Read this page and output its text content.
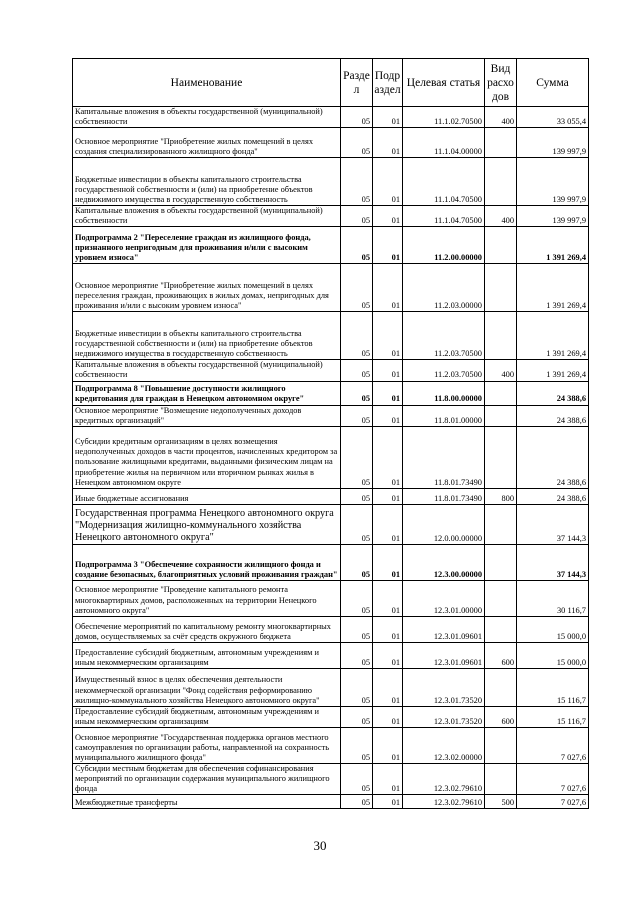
Наименование	Разде л	Подр аздел	Целевая статья	Вид расхо дов	Сумма
Капитальные вложения в объекты государственной (муниципальной) собственности	05	01	11.1.02.70500	400	33 055,4
Основное мероприятие "Приобретение жилых помещений в целях создания специализированного жилищного фонда"	05	01	11.1.04.00000		139 997,9
Бюджетные инвестиции в объекты капитального строительства государственной собственности и (или) на приобретение объектов недвижимого имущества в государственную собственность	05	01	11.1.04.70500		139 997,9
Капитальные вложения в объекты государственной (муниципальной) собственности	05	01	11.1.04.70500	400	139 997,9
Подпрограмма 2 "Переселение граждан из жилищного фонда, признанного непригодным для проживания и/или с высоким уровнем износа"	05	01	11.2.00.00000		1 391 269,4
Основное мероприятие "Приобретение жилых помещений в целях переселения граждан, проживающих в жилых домах, непригодных для проживания и/или с высоким уровнем износа"	05	01	11.2.03.00000		1 391 269,4
Бюджетные инвестиции в объекты капитального строительства государственной собственности и (или) на приобретение объектов недвижимого имущества в государственную собственность	05	01	11.2.03.70500		1 391 269,4
Капитальные вложения в объекты государственной (муниципальной) собственности	05	01	11.2.03.70500	400	1 391 269,4
Подпрограмма 8 "Повышение доступности жилищного кредитования для граждан в Ненецком автономном округе"	05	01	11.8.00.00000		24 388,6
Основное мероприятие "Возмещение недополученных доходов кредитных организаций"	05	01	11.8.01.00000		24 388,6
Субсидии кредитным организациям в целях возмещения недополученных доходов в части процентов, начисленных кредитором за пользование жилищными кредитами, выданными физическим лицам на приобретение жилья на первичном или вторичном рынках жилья в Ненецком автономном округе	05	01	11.8.01.73490		24 388,6
Иные бюджетные ассигнования	05	01	11.8.01.73490	800	24 388,6
Государственная программа Ненецкого автономного округа "Модернизация жилищно-коммунального хозяйства Ненецкого автономного округа"	05	01	12.0.00.00000		37 144,3
Подпрограмма 3 "Обеспечение сохранности жилищного фонда и создание безопасных, благоприятных условий проживания граждан"	05	01	12.3.00.00000		37 144,3
Основное мероприятие "Проведение капитального ремонта многоквартирных домов, расположенных на территории Ненецкого автономного округа"	05	01	12.3.01.00000		30 116,7
Обеспечение мероприятий по капитальному ремонту многоквартирных домов, осуществляемых за счёт средств окружного бюджета	05	01	12.3.01.09601		15 000,0
Предоставление субсидий бюджетным, автономным учреждениям и иным некоммерческим организациям	05	01	12.3.01.09601	600	15 000,0
Имущественный взнос в целях обеспечения деятельности некоммерческой организации "Фонд содействия реформированию жилищно-коммунального хозяйства Ненецкого автономного округа"	05	01	12.3.01.73520		15 116,7
Предоставление субсидий бюджетным, автономным учреждениям и иным некоммерческим организациям	05	01	12.3.01.73520	600	15 116,7
Основное мероприятие "Государственная поддержка органов местного самоуправления по организации работы, направленной на сохранность муниципального жилищного фонда"	05	01	12.3.02.00000		7 027,6
Субсидии местным бюджетам для обеспечения софинансирования мероприятий по организации содержания муниципального жилищного фонда	05	01	12.3.02.79610		7 027,6
Межбюджетные трансферты	05	01	12.3.02.79610	500	7 027,6
30
